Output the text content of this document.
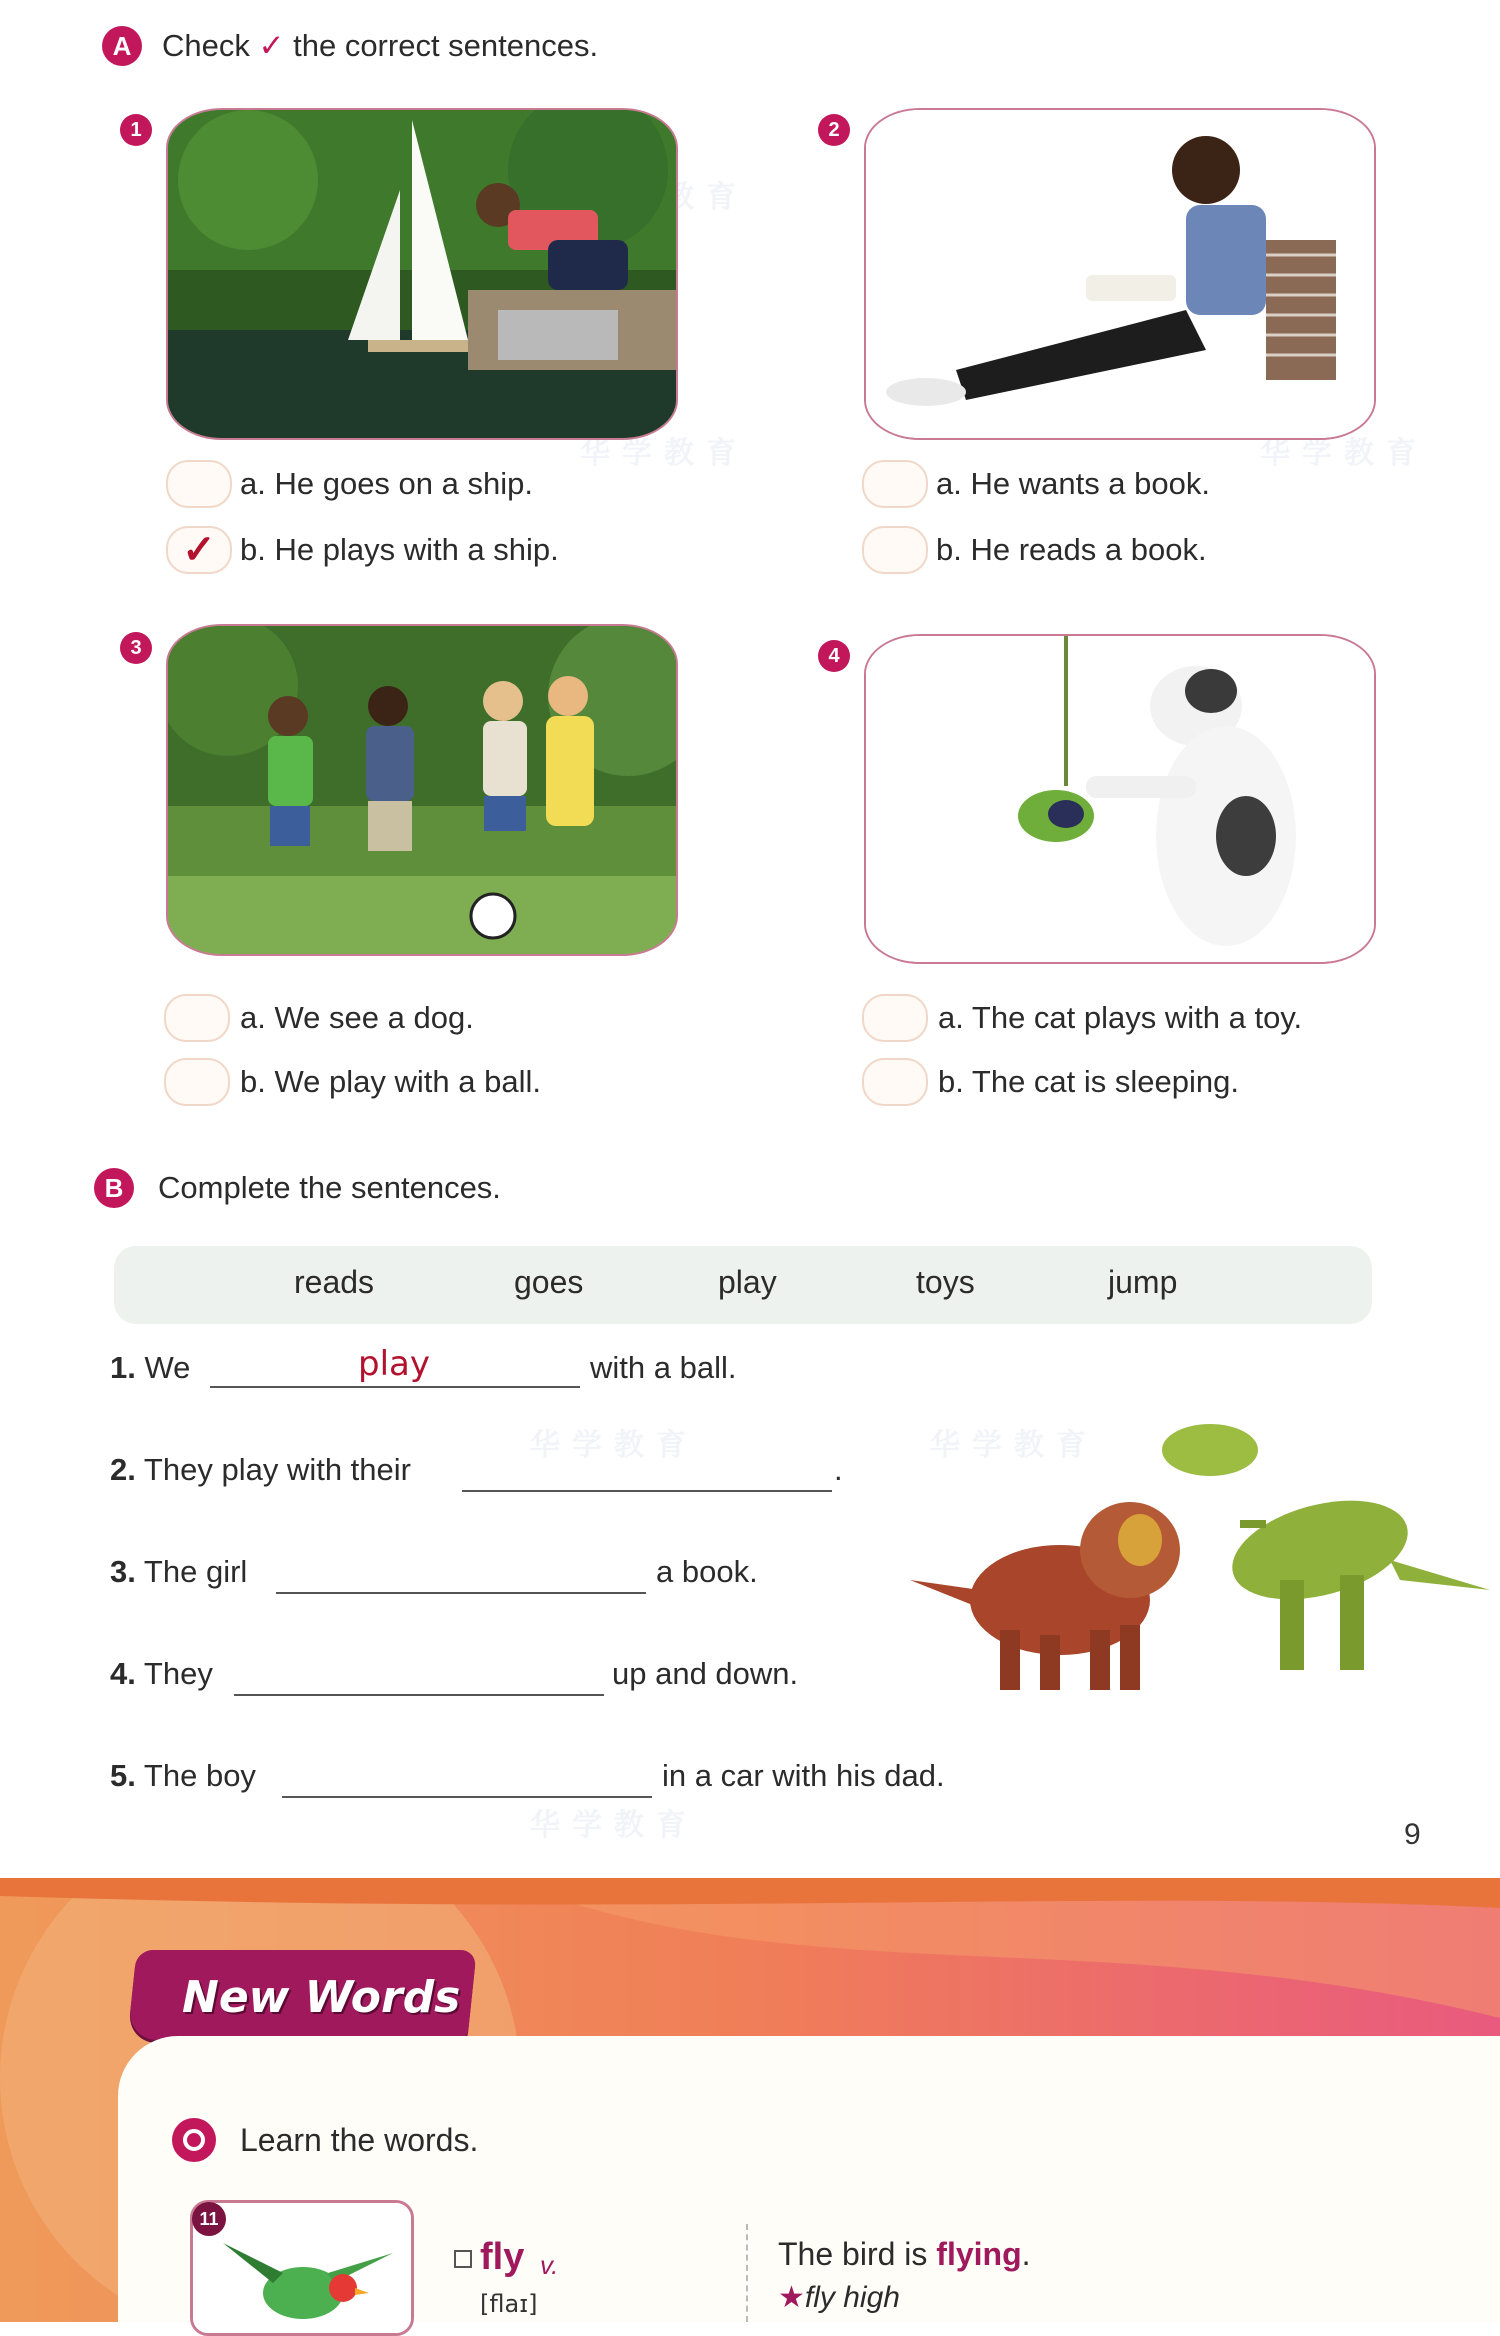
华学教育	华学教育
华学教育	华学教育
华学教育
A Check ✓ the correct sentences.
1
a. He goes on a ship.
✓ b. He plays with a ship.
2
a. He wants a book.
b. He reads a book.
3
a. We see a dog.
b. We play with a ball.
4
a. The cat plays with a toy.
b. The cat is sleeping.
B	Complete the sentences.
reads	goes	play	toys	jump
1. We	play	with a ball.
2. They play with their	.
3. The girl	a book.
4. They	up and down.
5. The boy	in a car with his dad.
9
New Words
Learn the words.
11
fly v.
[flaɪ]
The bird is flying.
★fly high
